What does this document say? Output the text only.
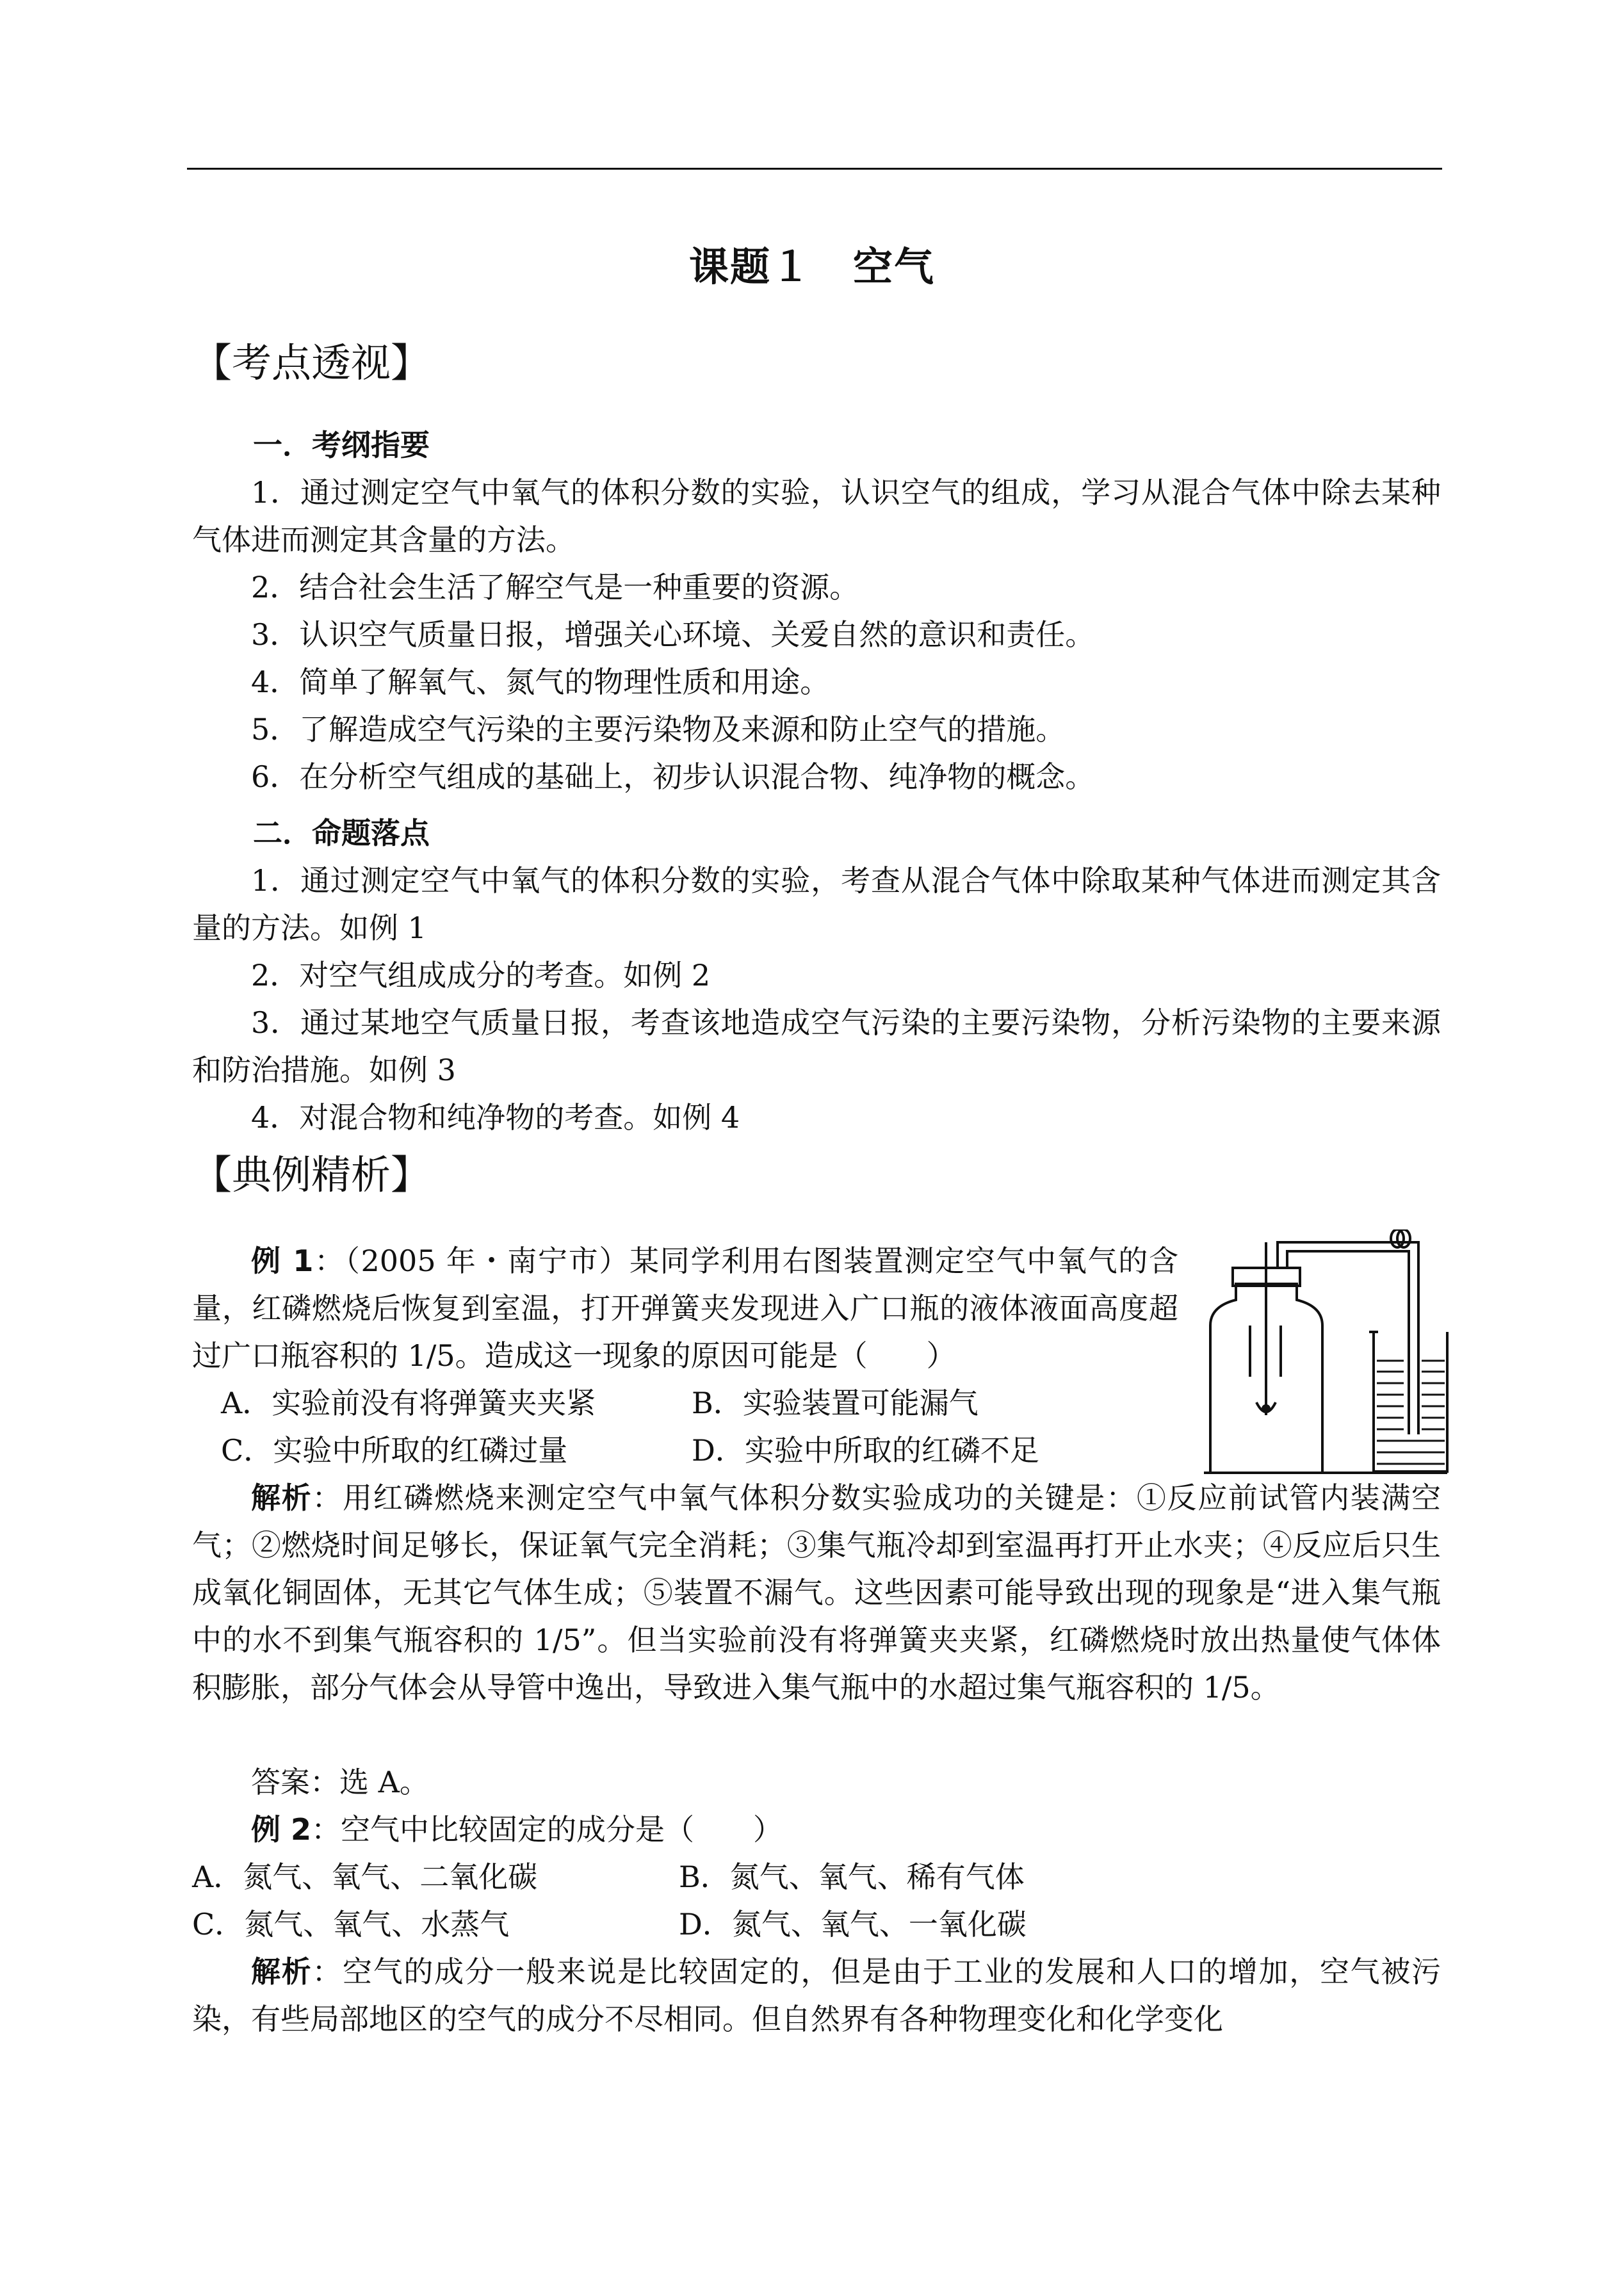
课题１　空气
【考点透视】
一．考纲指要

1．通过测定空气中氧气的体积分数的实验，认识空气的组成，学习从混合气体中除去某种气体进而测定其含量的方法。

2．结合社会生活了解空气是一种重要的资源。

3．认识空气质量日报，增强关心环境、关爱自然的意识和责任。

4．简单了解氧气、氮气的物理性质和用途。

5．了解造成空气污染的主要污染物及来源和防止空气的措施。

6．在分析空气组成的基础上，初步认识混合物、纯净物的概念。

二．命题落点

1．通过测定空气中氧气的体积分数的实验，考查从混合气体中除取某种气体进而测定其含量的方法。如例 1

2．对空气组成成分的考查。如例 2

3．通过某地空气质量日报，考查该地造成空气污染的主要污染物，分析污染物的主要来源和防治措施。如例 3

4．对混合物和纯净物的考查。如例 4

【典例精析】

例 1：（2005 年・南宁市）某同学利用右图装置测定空气中氧气的含量，红磷燃烧后恢复到室温，打开弹簧夹发现进入广口瓶的液体液面高度超过广口瓶容积的 1/5。造成这一现象的原因可能是（　　）

A．实验前没有将弹簧夹夹紧	B．实验装置可能漏气
C．实验中所取的红磷过量	D．实验中所取的红磷不足

解析：用红磷燃烧来测定空气中氧气体积分数实验成功的关键是：①反应前试管内装满空气；②燃烧时间足够长，保证氧气完全消耗；③集气瓶冷却到室温再打开止水夹；④反应后只生成氧化铜固体，无其它气体生成；⑤装置不漏气。这些因素可能导致出现的现象是“进入集气瓶中的水不到集气瓶容积的 1/5”。但当实验前没有将弹簧夹夹紧，红磷燃烧时放出热量使气体体积膨胀，部分气体会从导管中逸出，导致进入集气瓶中的水超过集气瓶容积的 1/5。

答案：选 A。

例 2：空气中比较固定的成分是（　　）

A．氮气、氧气、二氧化碳	B．氮气、氧气、稀有气体
C．氮气、氧气、水蒸气	D．氮气、氧气、一氧化碳

解析：空气的成分一般来说是比较固定的，但是由于工业的发展和人口的增加，空气被污染，有些局部地区的空气的成分不尽相同。但自然界有各种物理变化和化学变化
